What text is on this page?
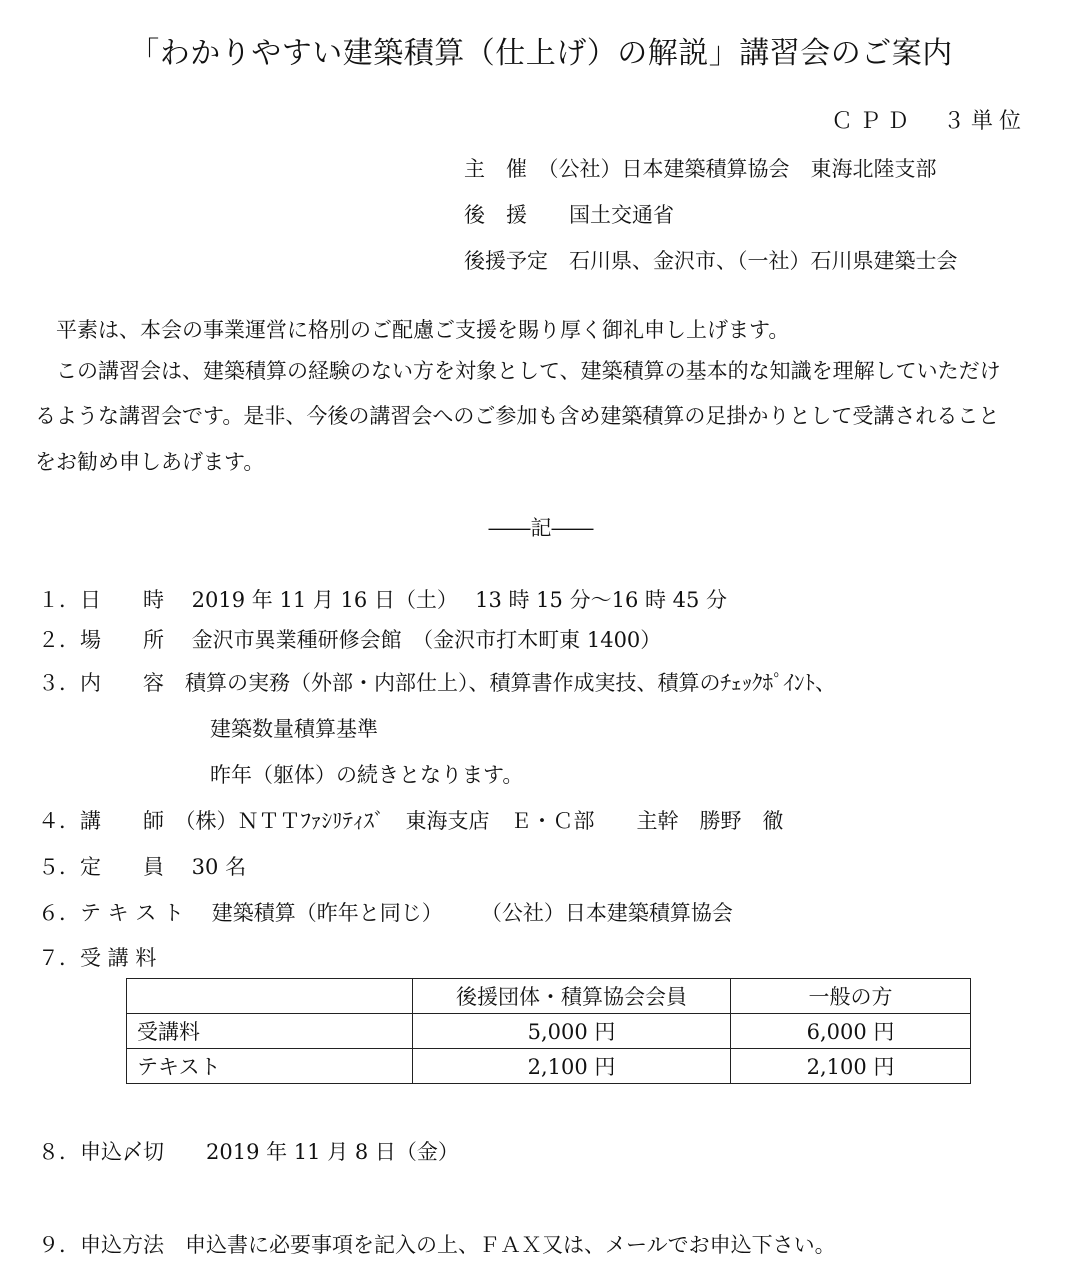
「わかりやすい建築積算（仕上げ）の解説」講習会のご案内
ＣＰＤ　３単位
主　催　（公社）日本建築積算協会　東海北陸支部
後　援　　国土交通省
後援予定　石川県、金沢市、（一社）石川県建築士会
　平素は、本会の事業運営に格別のご配慮ご支援を賜り厚く御礼申し上げます。
　この講習会は、建築積算の経験のない方を対象として、建築積算の基本的な知識を理解していただけ
るような講習会です。是非、今後の講習会へのご参加も含め建築積算の足掛かりとして受講されること
をお勧め申しあげます。
――記――
１．日　　時　 2019 年 11 月 16 日（土）　 13 時 15 分～16 時 45 分
２．場　　所　 金沢市異業種研修会館　（金沢市打木町東 1400）
３．内　　容　積算の実務（外部・内部仕上）、積算書作成実技、積算のﾁｪｯｸﾎﾟｲﾝﾄ、
建築数量積算基準
昨年（躯体）の続きとなります。
４．講　　師　（株）ＮＴＴﾌｧｼﾘﾃｨｽﾞ　東海支店　Ｅ・Ｃ部　　主幹　勝野　徹
５．定　　員　 30 名
６．テ キ ス ト　 建築積算（昨年と同じ）　　 （公社）日本建築積算協会
７．受 講 料
	後援団体・積算協会会員	一般の方
受講料	5,000 円	6,000 円
テキスト	2,100 円	2,100 円
８．申込〆切　　2019 年 11 月 8 日（金）
９．申込方法　申込書に必要事項を記入の上、ＦＡＸ又は、メールでお申込下さい。
